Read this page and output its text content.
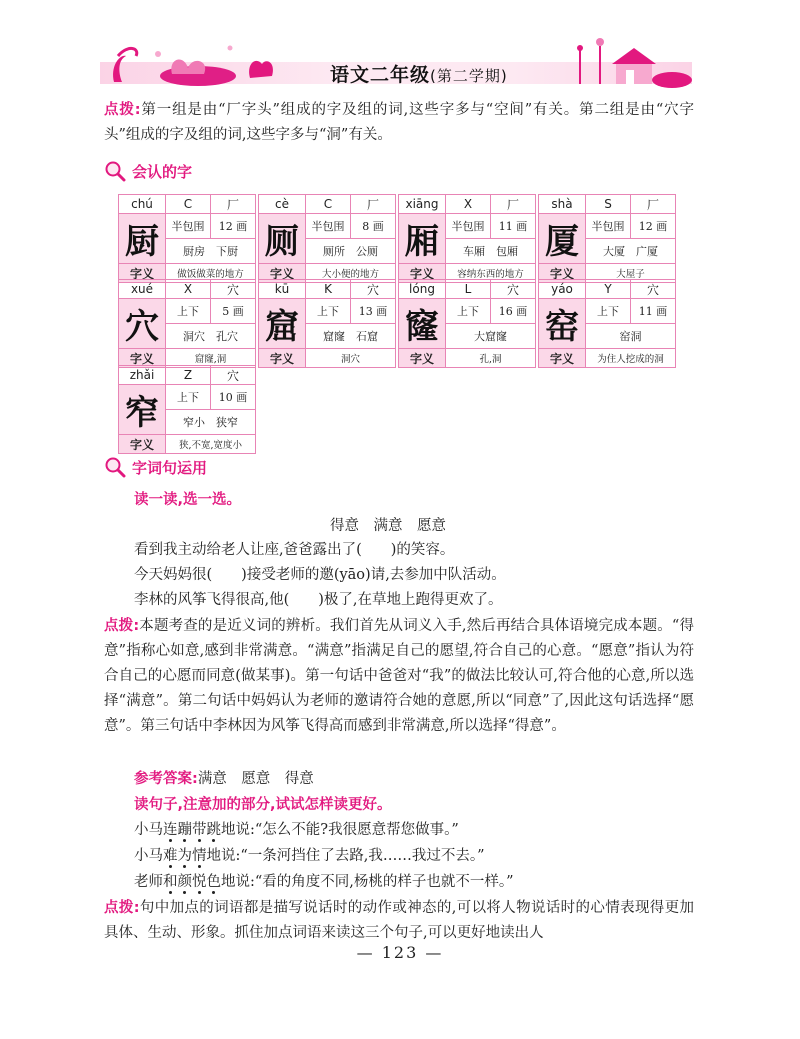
语文二年级(第二学期)
点拨:第一组是由“厂字头”组成的字及组的词,这些字多与“空间”有关。第二组是由“穴字头”组成的字及组的词,这些字多与“洞”有关。
会认的字
chú	C	厂
厨	半包围	12 画
	厨房　下厨	
字义	做饭做菜的地方	
cè	C	厂
厕	半包围	8 画
	厕所　公厕	
字义	大小便的地方	
xiāng	X	厂
厢	半包围	11 画
	车厢　包厢	
字义	容纳东西的地方	
shà	S	厂
厦	半包围	12 画
	大厦　广厦	
字义	大屋子	
xué	X	穴
穴	上下	5 画
	洞穴　孔穴	
字义	窟窿,洞	
kū	K	穴
窟	上下	13 画
	窟窿　石窟	
字义	洞穴	
lóng	L	穴
窿	上下	16 画
	大窟窿	
字义	孔,洞	
yáo	Y	穴
窑	上下	11 画
	窑洞	
字义	为住人挖成的洞	
zhǎi	Z	穴
窄	上下	10 画
	窄小　狭窄	
字义	狭,不宽,宽度小	
字词句运用
读一读,选一选。
得意　满意　愿意
看到我主动给老人让座,爸爸露出了(　　)的笑容。
今天妈妈很(　　)接受老师的邀(yāo)请,去参加中队活动。
李林的风筝飞得很高,他(　　)极了,在草地上跑得更欢了。
点拨:本题考查的是近义词的辨析。我们首先从词义入手,然后再结合具体语境完成本题。“得意”指称心如意,感到非常满意。“满意”指满足自己的愿望,符合自己的心意。“愿意”指认为符合自己的心愿而同意(做某事)。第一句话中爸爸对“我”的做法比较认可,符合他的心意,所以选择“满意”。第二句话中妈妈认为老师的邀请符合她的意愿,所以“同意”了,因此这句话选择“愿意”。第三句话中李林因为风筝飞得高而感到非常满意,所以选择“得意”。
参考答案:满意　愿意　得意
读句子,注意加的部分,试试怎样读更好。
小马连蹦带跳地说:“怎么不能?我很愿意帮您做事。”
小马难为情地说:“一条河挡住了去路,我……我过不去。”
老师和颜悦色地说:“看的角度不同,杨桃的样子也就不一样。”
点拨:句中加点的词语都是描写说话时的动作或神态的,可以将人物说话时的心情表现得更加具体、生动、形象。抓住加点词语来读这三个句子,可以更好地读出人
— 123 —
